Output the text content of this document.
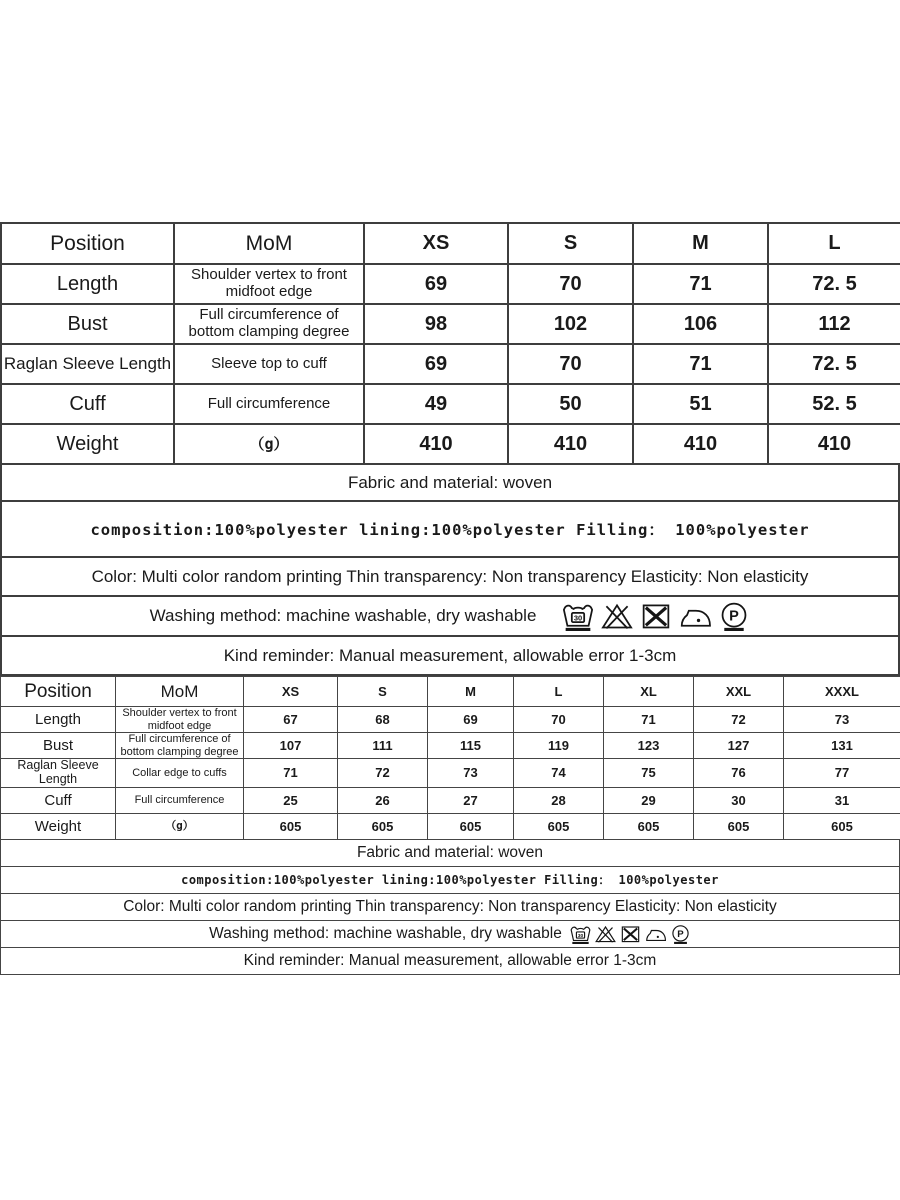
Position	MoM	XS	S	M	L
Length	Shoulder vertex to front midfoot edge	69	70	71	72. 5
Bust	Full circumference of bottom clamping degree	98	102	106	112
Raglan Sleeve Length	Sleeve top to cuff	69	70	71	72. 5
Cuff	Full circumference	49	50	51	52. 5
Weight	（g）	410	410	410	410
Fabric and material: woven
composition:100%polyester lining:100%polyester Filling： 100%polyester
Color: Multi color random printing Thin transparency: Non transparency Elasticity: Non elasticity
Washing method: machine washable, dry washable
Kind reminder: Manual measurement, allowable error 1-3cm
Position	MoM	XS	S	M	L	XL	XXL	XXXL
Length	Shoulder vertex to front midfoot edge	67	68	69	70	71	72	73
Bust	Full circumference of bottom clamping degree	107	111	115	119	123	127	131
Raglan Sleeve Length	Collar edge to cuffs	71	72	73	74	75	76	77
Cuff	Full circumference	25	26	27	28	29	30	31
Weight	（g）	605	605	605	605	605	605	605
Fabric and material: woven
composition:100%polyester lining:100%polyester Filling： 100%polyester
Color: Multi color random printing Thin transparency: Non transparency Elasticity: Non elasticity
Washing method: machine washable, dry washable
Kind reminder: Manual measurement, allowable error 1-3cm
